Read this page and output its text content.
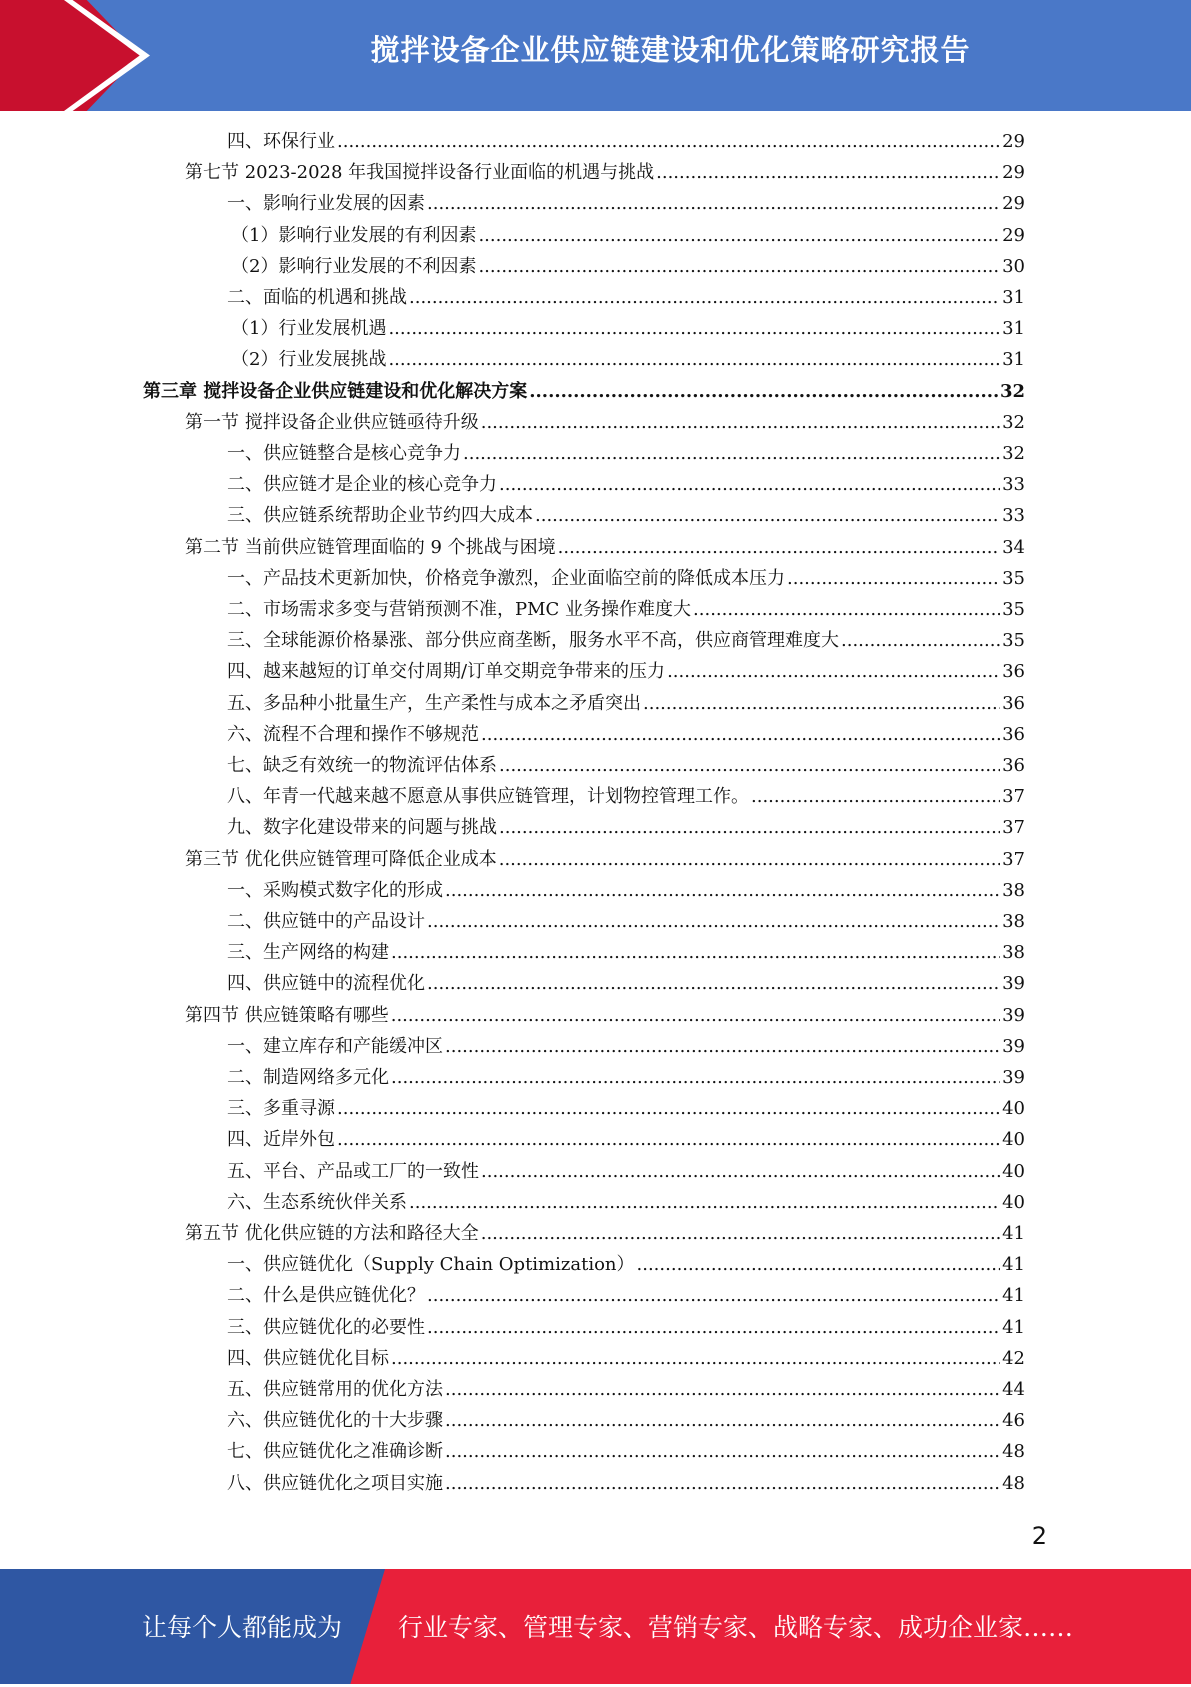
搅拌设备企业供应链建设和优化策略研究报告
四、环保行业 .....	29
第七节 2023-2028 年我国搅拌设备行业面临的机遇与挑战 .....	29
一、影响行业发展的因素 .....	29
（1）影响行业发展的有利因素 .....	29
（2）影响行业发展的不利因素 .....	30
二、面临的机遇和挑战 .....	31
（1）行业发展机遇 .....	31
（2）行业发展挑战 .....	31
第三章 搅拌设备企业供应链建设和优化解决方案 .....	32
第一节 搅拌设备企业供应链亟待升级 .....	32
一、供应链整合是核心竞争力 .....	32
二、供应链才是企业的核心竞争力 .....	33
三、供应链系统帮助企业节约四大成本 .....	33
第二节 当前供应链管理面临的 9 个挑战与困境 .....	34
一、产品技术更新加快，价格竞争激烈，企业面临空前的降低成本压力 .....	35
二、市场需求多变与营销预测不准，PMC 业务操作难度大 .....	35
三、全球能源价格暴涨、部分供应商垄断，服务水平不高，供应商管理难度大 .....	35
四、越来越短的订单交付周期/订单交期竞争带来的压力 .....	36
五、多品种小批量生产，生产柔性与成本之矛盾突出 .....	36
六、流程不合理和操作不够规范 .....	36
七、缺乏有效统一的物流评估体系 .....	36
八、年青一代越来越不愿意从事供应链管理，计划物控管理工作。 .....	37
九、数字化建设带来的问题与挑战 .....	37
第三节 优化供应链管理可降低企业成本 .....	37
一、采购模式数字化的形成 .....	38
二、供应链中的产品设计 .....	38
三、生产网络的构建 .....	38
四、供应链中的流程优化 .....	39
第四节 供应链策略有哪些 .....	39
一、建立库存和产能缓冲区 .....	39
二、制造网络多元化 .....	39
三、多重寻源 .....	40
四、近岸外包 .....	40
五、平台、产品或工厂的一致性 .....	40
六、生态系统伙伴关系 .....	40
第五节 优化供应链的方法和路径大全 .....	41
一、供应链优化（Supply Chain Optimization） .....	41
二、什么是供应链优化？ .....	41
三、供应链优化的必要性 .....	41
四、供应链优化目标 .....	42
五、供应链常用的优化方法 .....	44
六、供应链优化的十大步骤 .....	46
七、供应链优化之准确诊断 .....	48
八、供应链优化之项目实施 .....	48
2
让每个人都能成为 行业专家、管理专家、营销专家、战略专家、成功企业家……
